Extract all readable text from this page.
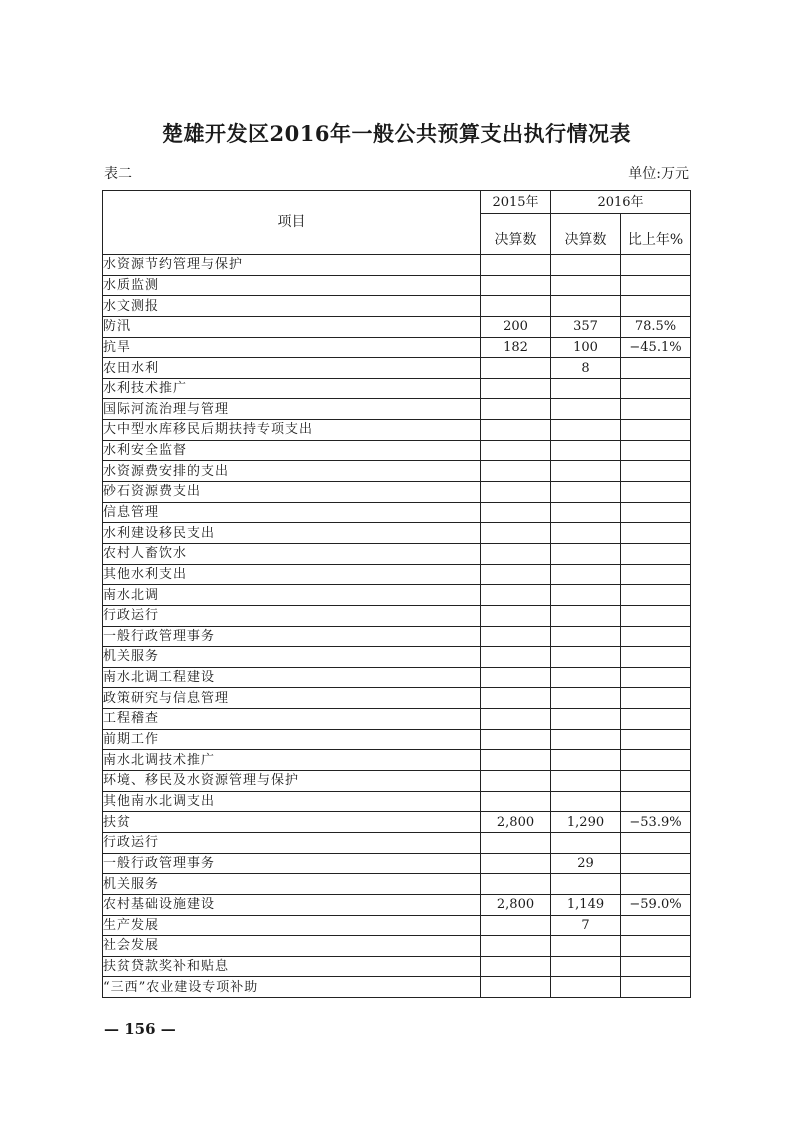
楚雄开发区2016年一般公共预算支出执行情况表
表二	单位:万元
项目	2015年	2016年	
	决算数	决算数	比上年%
水资源节约管理与保护			
水质监测			
水文测报			
防汛	200	357	78.5%
抗旱	182	100	−45.1%
农田水利		8	
水利技术推广			
国际河流治理与管理			
大中型水库移民后期扶持专项支出			
水利安全监督			
水资源费安排的支出			
砂石资源费支出			
信息管理			
水利建设移民支出			
农村人畜饮水			
其他水利支出			
南水北调			
行政运行			
一般行政管理事务			
机关服务			
南水北调工程建设			
政策研究与信息管理			
工程稽查			
前期工作			
南水北调技术推广			
环境、移民及水资源管理与保护			
其他南水北调支出			
扶贫	2,800	1,290	−53.9%
行政运行			
一般行政管理事务		29	
机关服务			
农村基础设施建设	2,800	1,149	−59.0%
生产发展		7	
社会发展			
扶贫贷款奖补和贴息			
“三西”农业建设专项补助			
— 156 —
